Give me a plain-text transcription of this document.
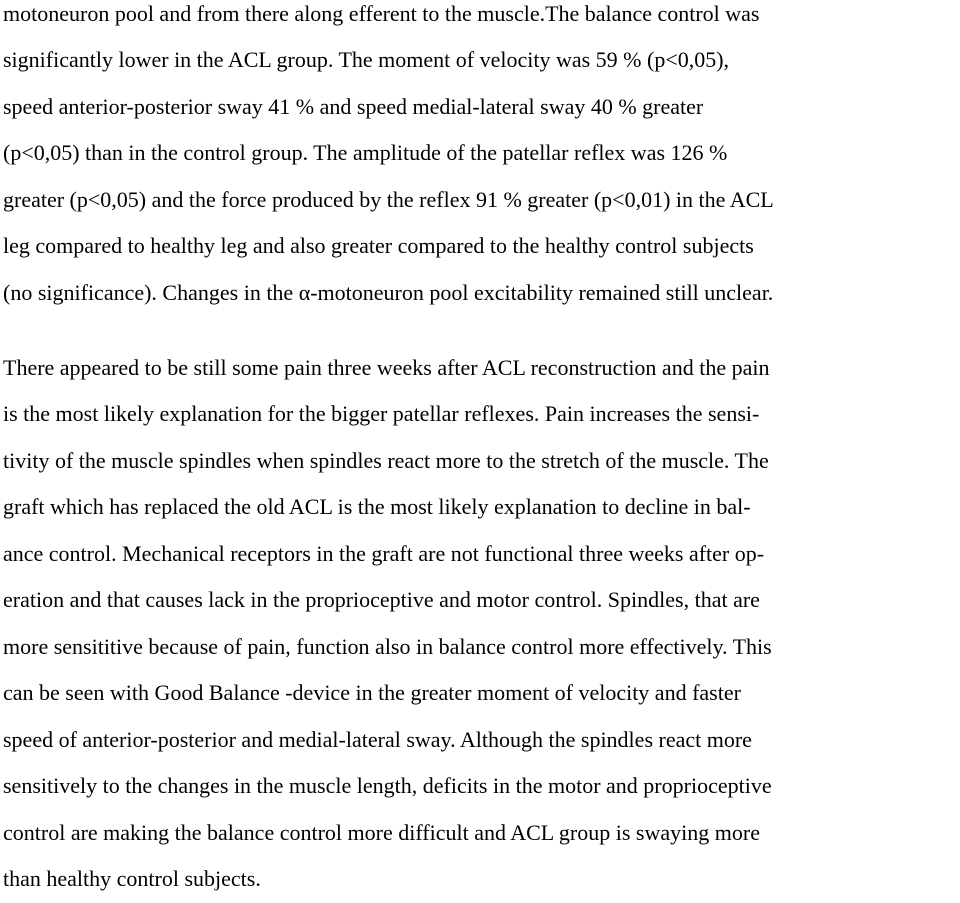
motoneuron pool and from there along efferent to the muscle.The balance control was
significantly lower in the ACL group. The moment of velocity was 59 % (p<0,05),
speed anterior-posterior sway 41 % and speed medial-lateral sway 40 % greater
(p<0,05) than in the control group. The amplitude of the patellar reflex was 126 %
greater (p<0,05) and the force produced by the reflex 91 % greater (p<0,01) in the ACL
leg compared to healthy leg and also greater compared to the healthy control subjects
(no significance). Changes in the α-motoneuron pool excitability remained still unclear.
There appeared to be still some pain three weeks after ACL reconstruction and the pain
is the most likely explanation for the bigger patellar reflexes. Pain increases the sensi-
tivity of the muscle spindles when spindles react more to the stretch of the muscle. The
graft which has replaced the old ACL is the most likely explanation to decline in bal-
ance control. Mechanical receptors in the graft are not functional three weeks after op-
eration and that causes lack in the proprioceptive and motor control. Spindles, that are
more sensititive because of pain, function also in balance control more effectively. This
can be seen with Good Balance -device in the greater moment of velocity and faster
speed of anterior-posterior and medial-lateral sway. Although the spindles react more
sensitively to the changes in the muscle length, deficits in the motor and proprioceptive
control are making the balance control more difficult and ACL group is swaying more
than healthy control subjects.
